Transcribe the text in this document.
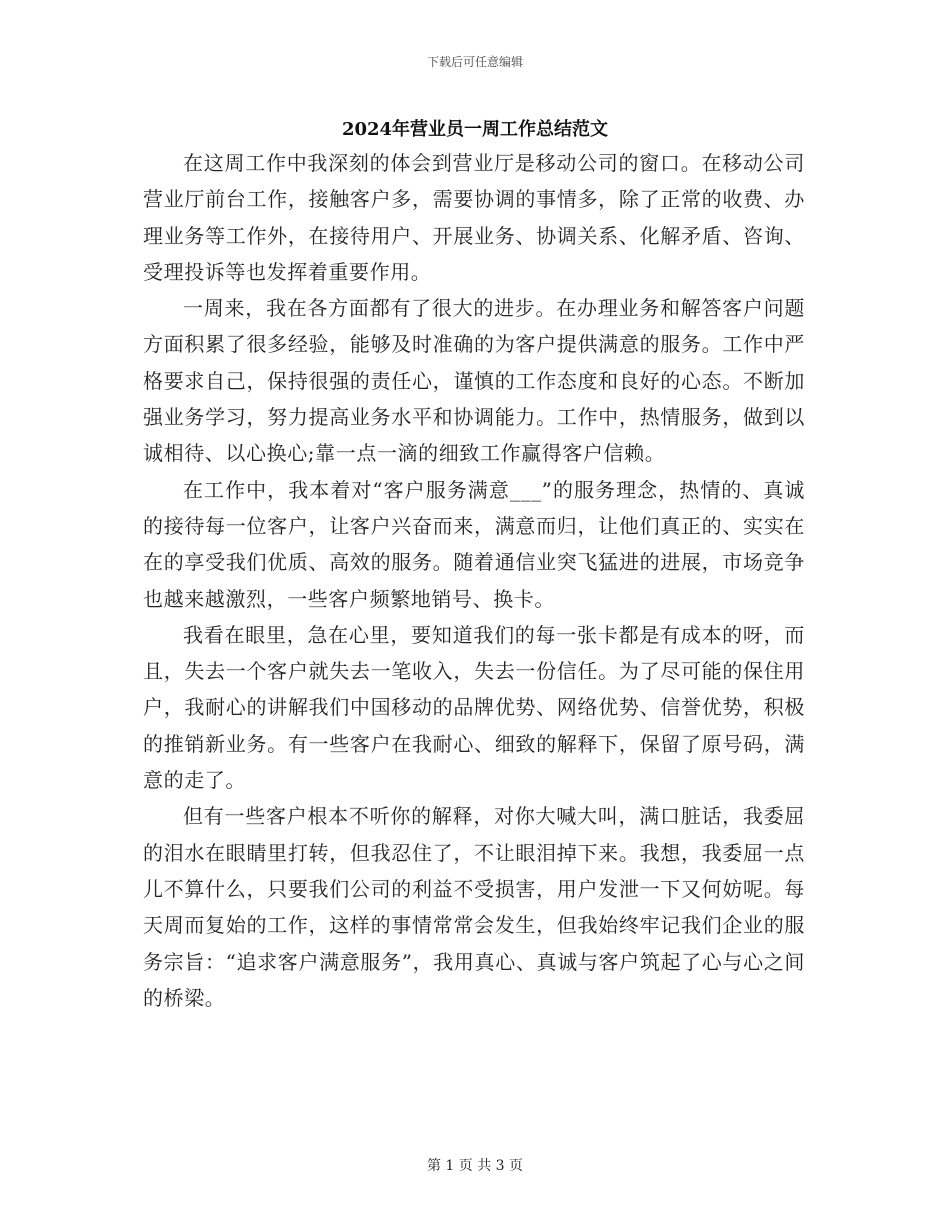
下载后可任意编辑
2024年营业员一周工作总结范文

在这周工作中我深刻的体会到营业厅是移动公司的窗口。在移动公司营业厅前台工作，接触客户多，需要协调的事情多，除了正常的收费、办理业务等工作外，在接待用户、开展业务、协调关系、化解矛盾、咨询、受理投诉等也发挥着重要作用。

一周来，我在各方面都有了很大的进步。在办理业务和解答客户问题方面积累了很多经验，能够及时准确的为客户提供满意的服务。工作中严格要求自己，保持很强的责任心，谨慎的工作态度和良好的心态。不断加强业务学习，努力提高业务水平和协调能力。工作中，热情服务，做到以诚相待、以心换心;靠一点一滴的细致工作赢得客户信赖。

在工作中，我本着对“客户服务满意___”的服务理念，热情的、真诚的接待每一位客户，让客户兴奋而来，满意而归，让他们真正的、实实在在的享受我们优质、高效的服务。随着通信业突飞猛进的进展，市场竞争也越来越激烈，一些客户频繁地销号、换卡。

我看在眼里，急在心里，要知道我们的每一张卡都是有成本的呀，而且，失去一个客户就失去一笔收入，失去一份信任。为了尽可能的保住用户，我耐心的讲解我们中国移动的品牌优势、网络优势、信誉优势，积极的推销新业务。有一些客户在我耐心、细致的解释下，保留了原号码，满意的走了。

但有一些客户根本不听你的解释，对你大喊大叫，满口脏话，我委屈的泪水在眼睛里打转，但我忍住了，不让眼泪掉下来。我想，我委屈一点儿不算什么，只要我们公司的利益不受损害，用户发泄一下又何妨呢。每天周而复始的工作，这样的事情常常会发生，但我始终牢记我们企业的服务宗旨：“追求客户满意服务”，我用真心、真诚与客户筑起了心与心之间的桥梁。

第 1 页 共 3 页
